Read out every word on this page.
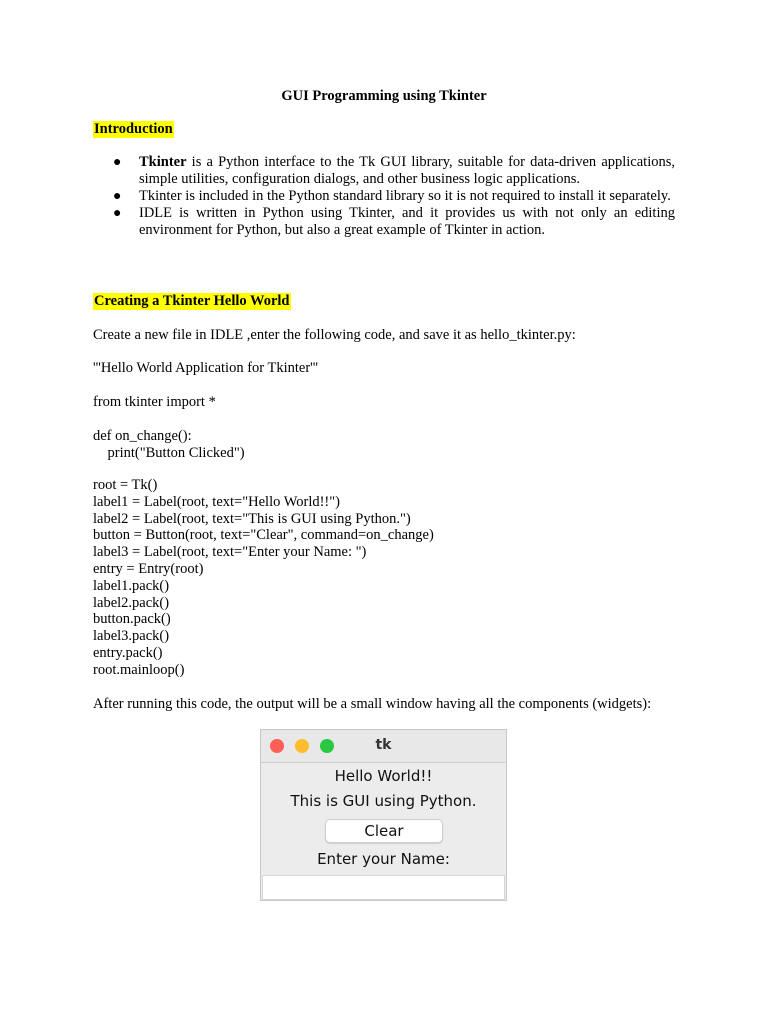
GUI Programming using Tkinter
Introduction
● Tkinter is a Python interface to the Tk GUI library, suitable for data-driven applications, simple utilities, configuration dialogs, and other business logic applications.
● Tkinter is included in the Python standard library so it is not required to install it separately.
● IDLE is written in Python using Tkinter, and it provides us with not only an editing environment for Python, but also a great example of Tkinter in action.
Creating a Tkinter Hello World
Create a new file in IDLE ,enter the following code, and save it as hello_tkinter.py:
'''Hello World Application for Tkinter'''
from tkinter import *
def on_change():
print("Button Clicked")
root = Tk()
label1 = Label(root, text="Hello World!!")
label2 = Label(root, text="This is GUI using Python.")
button = Button(root, text="Clear", command=on_change)
label3 = Label(root, text="Enter your Name: ")
entry = Entry(root)
label1.pack()
label2.pack()
button.pack()
label3.pack()
entry.pack()
root.mainloop()
After running this code, the output will be a small window having all the components (widgets):
tk
Hello World!!
This is GUI using Python.
Clear
Enter your Name:
